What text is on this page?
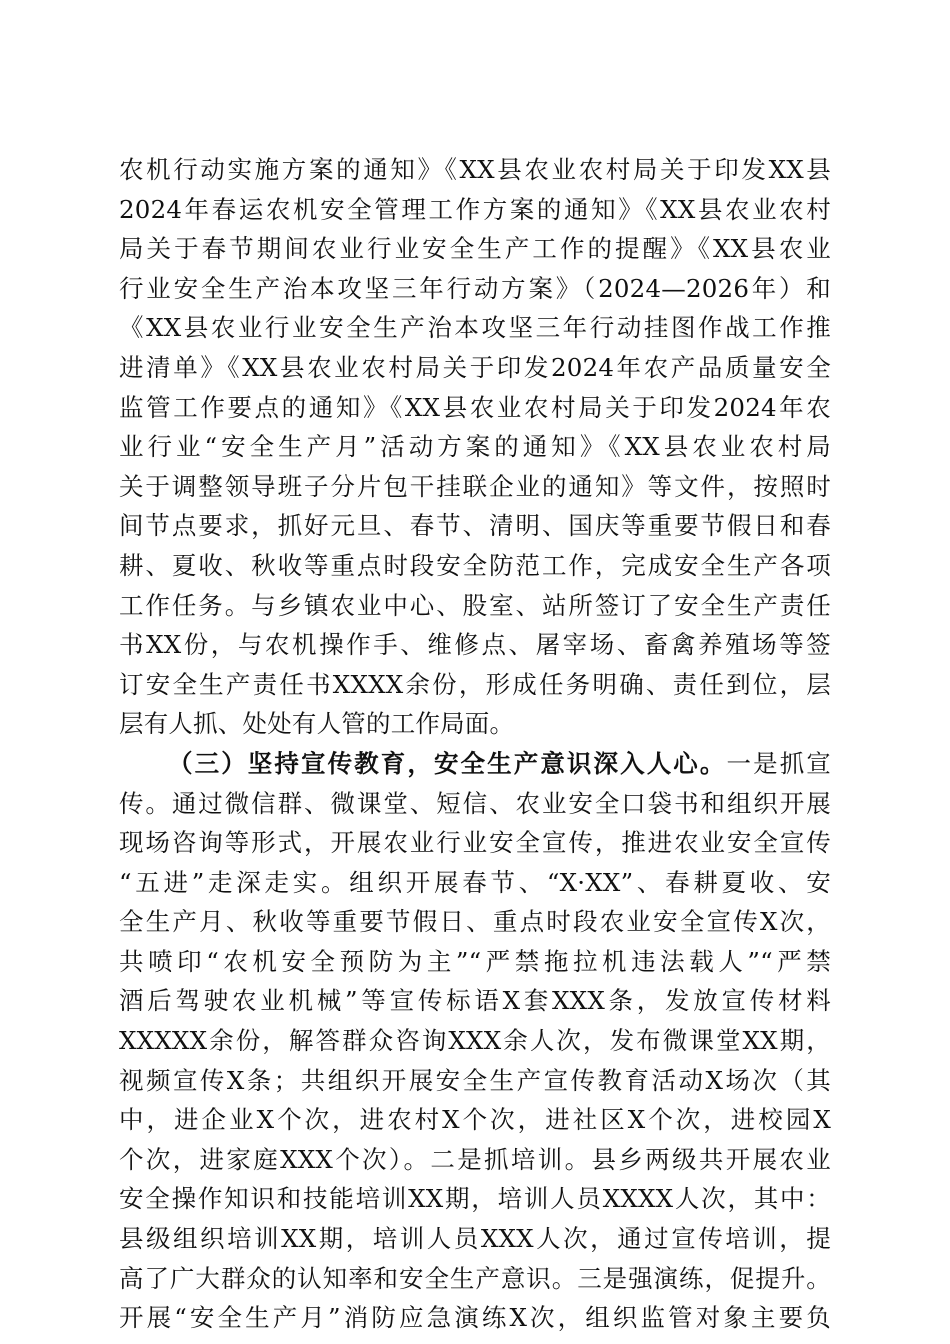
农机行动实施方案的通知》《XX县农业农村局关于印发XX县
2024年春运农机安全管理工作方案的通知》《XX县农业农村
局关于春节期间农业行业安全生产工作的提醒》《XX县农业
行业安全生产治本攻坚三年行动方案》（2024—2026年）和
《XX县农业行业安全生产治本攻坚三年行动挂图作战工作推
进清单》《XX县农业农村局关于印发2024年农产品质量安全
监管工作要点的通知》《XX县农业农村局关于印发2024年农
业行业“安全生产月”活动方案的通知》《XX县农业农村局
关于调整领导班子分片包干挂联企业的通知》等文件，按照时
间节点要求，抓好元旦、春节、清明、国庆等重要节假日和春
耕、夏收、秋收等重点时段安全防范工作，完成安全生产各项
工作任务。与乡镇农业中心、股室、站所签订了安全生产责任
书XX份，与农机操作手、维修点、屠宰场、畜禽养殖场等签
订安全生产责任书XXXX余份，形成任务明确、责任到位，层
层有人抓、处处有人管的工作局面。
（三）坚持宣传教育，安全生产意识深入人心。一是抓宣
传。通过微信群、微课堂、短信、农业安全口袋书和组织开展
现场咨询等形式，开展农业行业安全宣传，推进农业安全宣传
“五进”走深走实。组织开展春节、“X·XX”、春耕夏收、安
全生产月、秋收等重要节假日、重点时段农业安全宣传X次，
共喷印“农机安全预防为主”“严禁拖拉机违法载人”“严禁
酒后驾驶农业机械”等宣传标语X套XXX条，发放宣传材料
XXXXX余份，解答群众咨询XXX余人次，发布微课堂XX期，
视频宣传X条；共组织开展安全生产宣传教育活动X场次（其
中，进企业X个次，进农村X个次，进社区X个次，进校园X
个次，进家庭XXX个次）。二是抓培训。县乡两级共开展农业
安全操作知识和技能培训XX期，培训人员XXXX人次，其中：
县级组织培训XX期，培训人员XXX人次，通过宣传培训，提
高了广大群众的认知率和安全生产意识。三是强演练，促提升。
开展“安全生产月”消防应急演练X次，组织监管对象主要负
